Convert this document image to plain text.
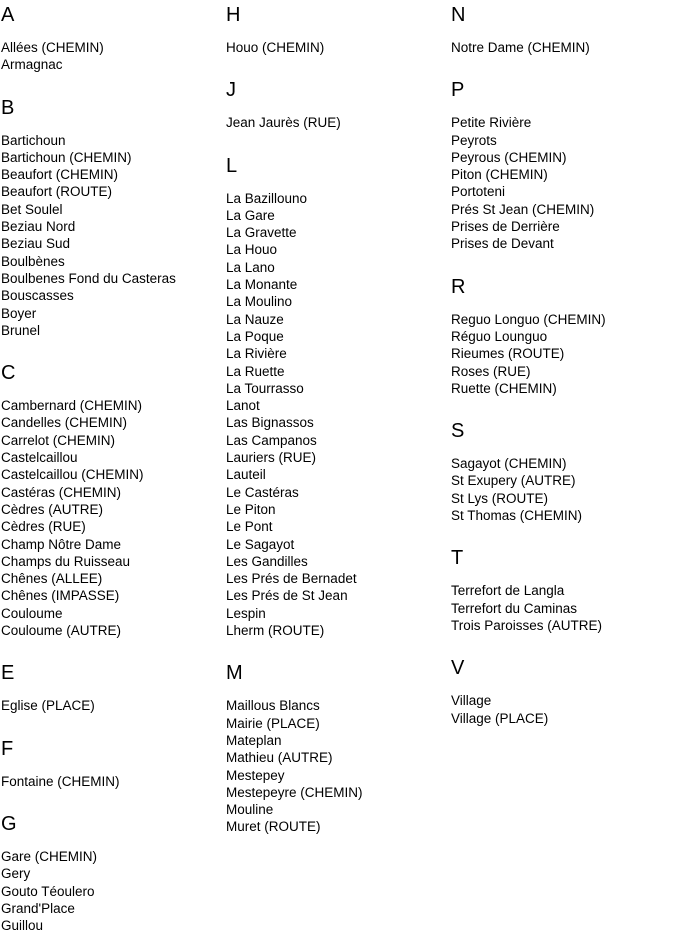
A
Allées (CHEMIN)
Armagnac
B
Bartichoun
Bartichoun (CHEMIN)
Beaufort (CHEMIN)
Beaufort (ROUTE)
Bet Soulel
Beziau Nord
Beziau Sud
Boulbènes
Boulbenes Fond du Casteras
Bouscasses
Boyer
Brunel
C
Cambernard (CHEMIN)
Candelles (CHEMIN)
Carrelot (CHEMIN)
Castelcaillou
Castelcaillou (CHEMIN)
Castéras (CHEMIN)
Cèdres (AUTRE)
Cèdres (RUE)
Champ Nôtre Dame
Champs du Ruisseau
Chênes (ALLEE)
Chênes (IMPASSE)
Couloume
Couloume (AUTRE)
E
Eglise (PLACE)
F
Fontaine (CHEMIN)
G
Gare (CHEMIN)
Gery
Gouto Téoulero
Grand'Place
Guillou
H
Houo (CHEMIN)
J
Jean Jaurès (RUE)
L
La Bazillouno
La Gare
La Gravette
La Houo
La Lano
La Monante
La Moulino
La Nauze
La Poque
La Rivière
La Ruette
La Tourrasso
Lanot
Las Bignassos
Las Campanos
Lauriers (RUE)
Lauteil
Le Castéras
Le Piton
Le Pont
Le Sagayot
Les Gandilles
Les Prés de Bernadet
Les Prés de St Jean
Lespin
Lherm (ROUTE)
M
Maillous Blancs
Mairie (PLACE)
Mateplan
Mathieu (AUTRE)
Mestepey
Mestepeyre (CHEMIN)
Mouline
Muret (ROUTE)
N
Notre Dame (CHEMIN)
P
Petite Rivière
Peyrots
Peyrous (CHEMIN)
Piton (CHEMIN)
Portoteni
Prés St Jean (CHEMIN)
Prises de Derrière
Prises de Devant
R
Reguo Longuo (CHEMIN)
Réguo Lounguo
Rieumes (ROUTE)
Roses (RUE)
Ruette (CHEMIN)
S
Sagayot (CHEMIN)
St Exupery (AUTRE)
St Lys (ROUTE)
St Thomas (CHEMIN)
T
Terrefort de Langla
Terrefort du Caminas
Trois Paroisses (AUTRE)
V
Village
Village (PLACE)
